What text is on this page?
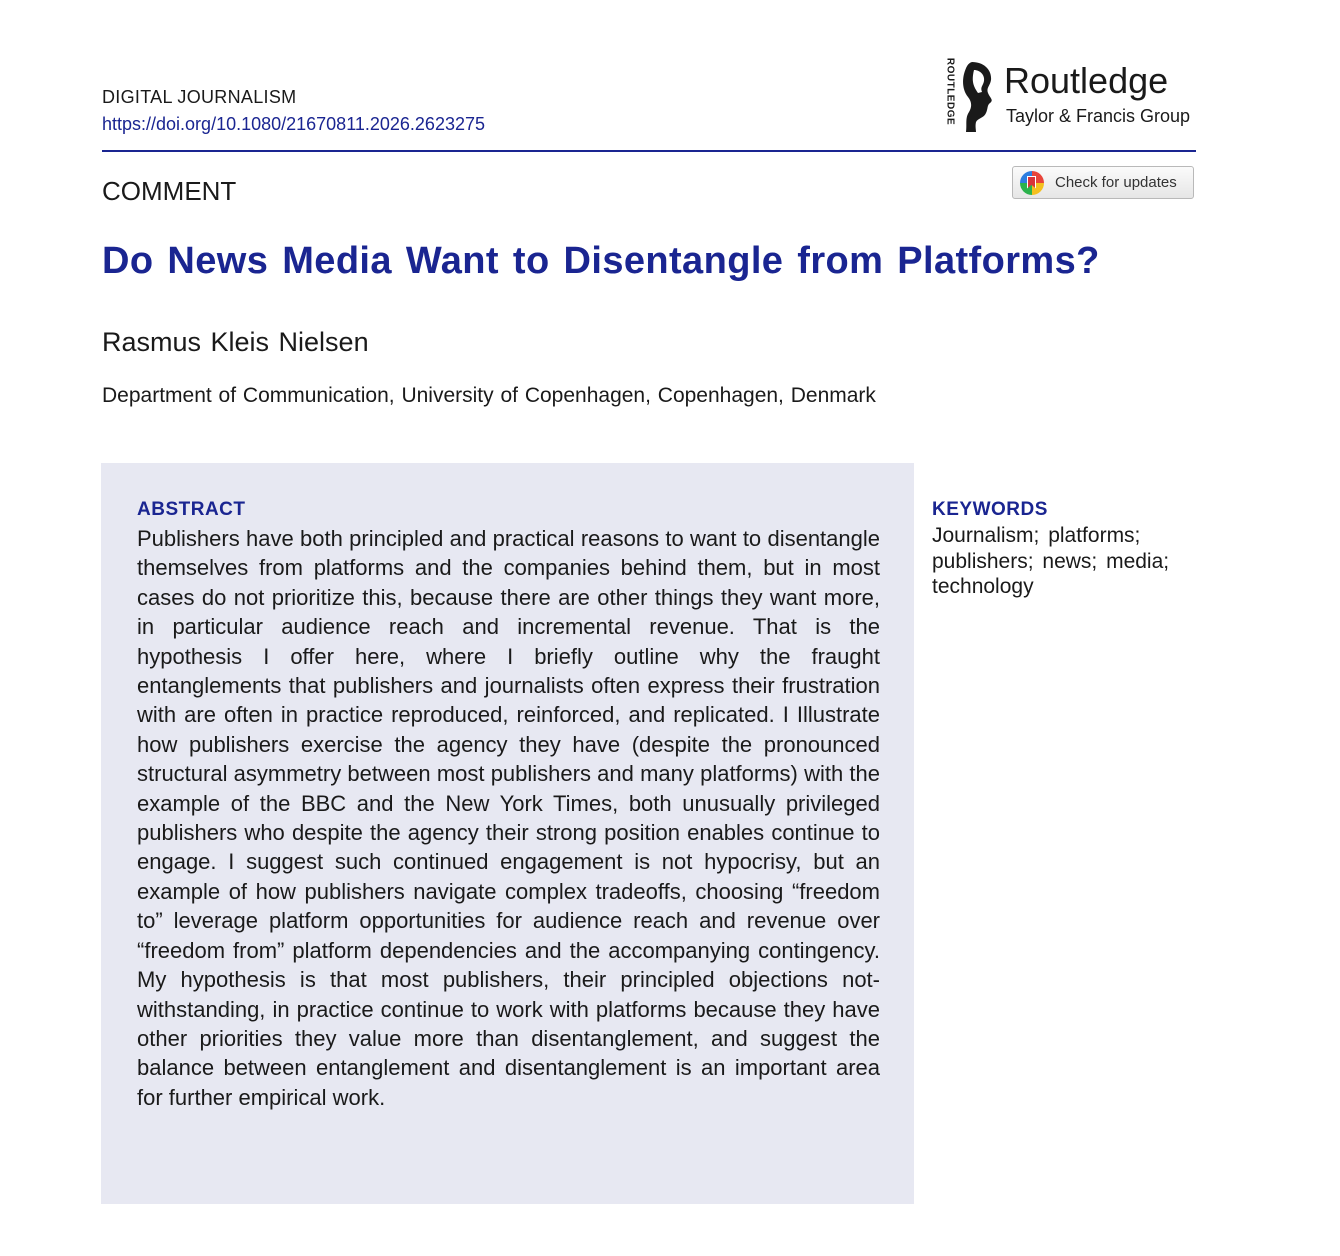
DIGITAL JOURNALISM
https://doi.org/10.1080/21670811.2026.2623275	ROUTLEDGE Routledge
Taylor & Francis Group
COMMENT	Check for updates
Do News Media Want to Disentangle from Platforms?
Rasmus Kleis Nielsen
Department of Communication, University of Copenhagen, Copenhagen, Denmark
ABSTRACT

Publishers have both principled and practical reasons to want to disentangle themselves from platforms and the companies behind them, but in most cases do not prioritize this, because there are other things they want more, in particular audience reach and incremental revenue. That is the hypothesis I offer here, where I briefly outline why the fraught entanglements that publishers and journalists often express their frustration with are often in practice reproduced, reinforced, and replicated. I Illustrate how publishers exercise the agency they have (despite the pronounced structural asymmetry between most publishers and many platforms) with the example of the BBC and the New York Times, both unusually privileged publishers who despite the agency their strong position enables continue to engage. I suggest such continued engagement is not hypocrisy, but an example of how publishers navigate complex tradeoffs, choosing “freedom to” leverage platform opportunities for audience reach and revenue over “freedom from” platform dependencies and the accompanying contingency. My hypothesis is that most publishers, their principled objections notwithstanding, in practice continue to work with platforms because they have other priorities they value more than disentanglement, and suggest the balance between entanglement and disentanglement is an important area for further empirical work.

KEYWORDS
Journalism; platforms; publishers; news; media; technology
